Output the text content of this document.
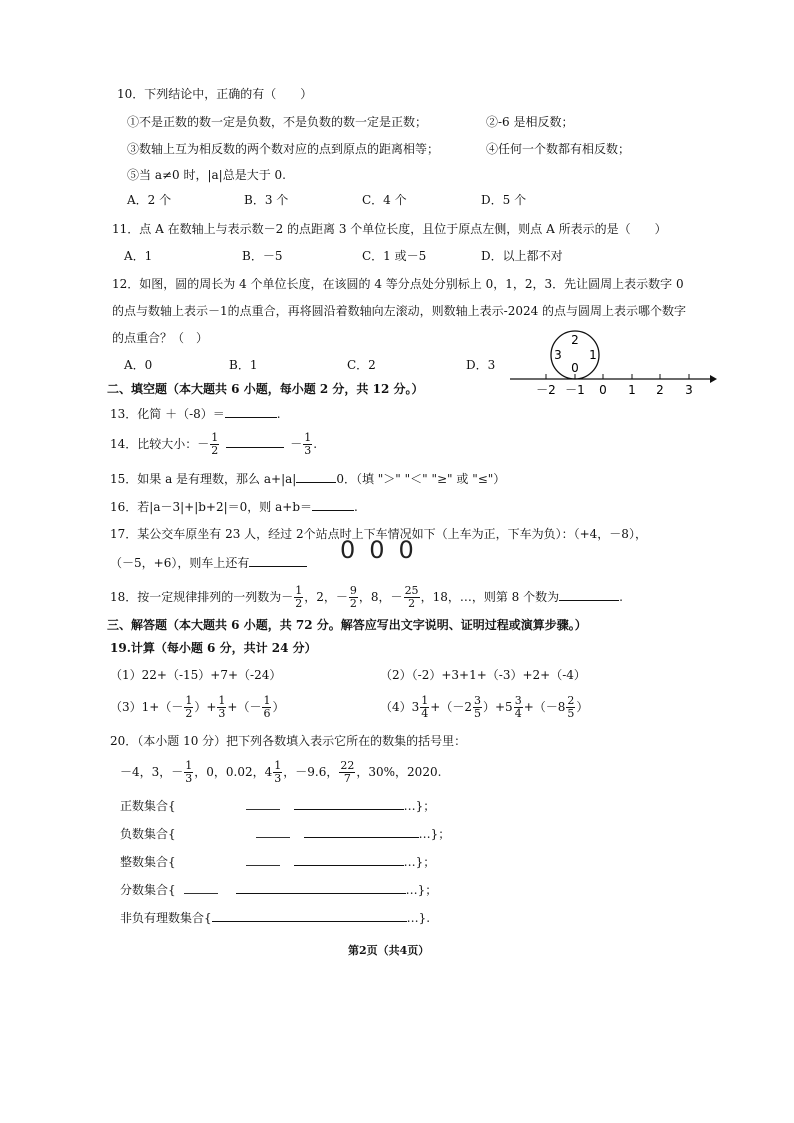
10．下列结论中，正确的有（　　）
①不是正数的数一定是负数，不是负数的数一定是正数；	②-6 是相反数；
③数轴上互为相反数的两个数对应的点到原点的距离相等；	④任何一个数都有相反数；
⑤当 a≠0 时，|a|总是大于 0.
A．2 个	B．3 个	C．4 个	D．5 个
11．点 A 在数轴上与表示数－2 的点距离 3 个单位长度，且位于原点左侧，则点 A 所表示的是（　　）
A．1	B．－5	C．1 或－5	D．以上都不对
12．如图，圆的周长为 4 个单位长度，在该圆的 4 等分点处分别标上 0，1，2，3．先让圆周上表示数字 0
的点与数轴上表示－1的点重合，再将圆沿着数轴向左滚动，则数轴上表示-2024 的点与圆周上表示哪个数字
的点重合？（　）
A．0	B．1	C．2	D．3
2
3 1
0
－2 －1 0 1 2 3
二、填空题（本大题共 6 小题，每小题 2 分，共 12 分。）
13．化简 ＋（-8）＝	.
14．比较大小：－ $\frac{1}{2}$	－ $\frac{1}{3}$ .
15．如果 a 是有理数，那么 a+|a|	0．（填 "＞" "＜" "≥" 或 "≤"）
16．若|a－3|+|b+2|＝0，则 a+b＝	.
17．某公交车原坐有 23 人，经过 2个站点时上下车情况如下（上车为正，下车为负）：（+4，－8），
（－5，+6），则车上还有	000
18．按一定规律排列的一列数为－ $\frac{1}{2}$ ，2，－ $\frac{9}{2}$ ，8，－ $\frac{25}{2}$ ，18，…，则第 8 个数为	.
三、解答题（本大题共 6 小题，共 72 分。解答应写出文字说明、证明过程或演算步骤。）
19.计算（每小题 6 分，共计 24 分）
（1）22+（-15）+7+（-24）	（2）（-2）+3+1+（-3）+2+（-4）
$(3)1+(- \frac{1}{2}$ ）+ $\frac{1}{3}$ +（－ $\frac{1}{6}$ ）	$(4)3 \frac{1}{4} +(-2 \frac{3}{5} )+5 \frac{3}{4} +(-8 \frac{2}{5}$ ）
20．（本小题 10 分）把下列各数填入表示它所在的数集的括号里：
－4，3，－ $\frac{1}{3}$ ，0，0.02，$4 \frac{1}{3}$ ，－9.6， $\frac{22}{7}$ ，30%，2020.
正数集合{	…}；
负数集合{	…}；
整数集合{	…}；
分数集合{	…}；
非负有理数集合{	…}.
第2页（共4页）
